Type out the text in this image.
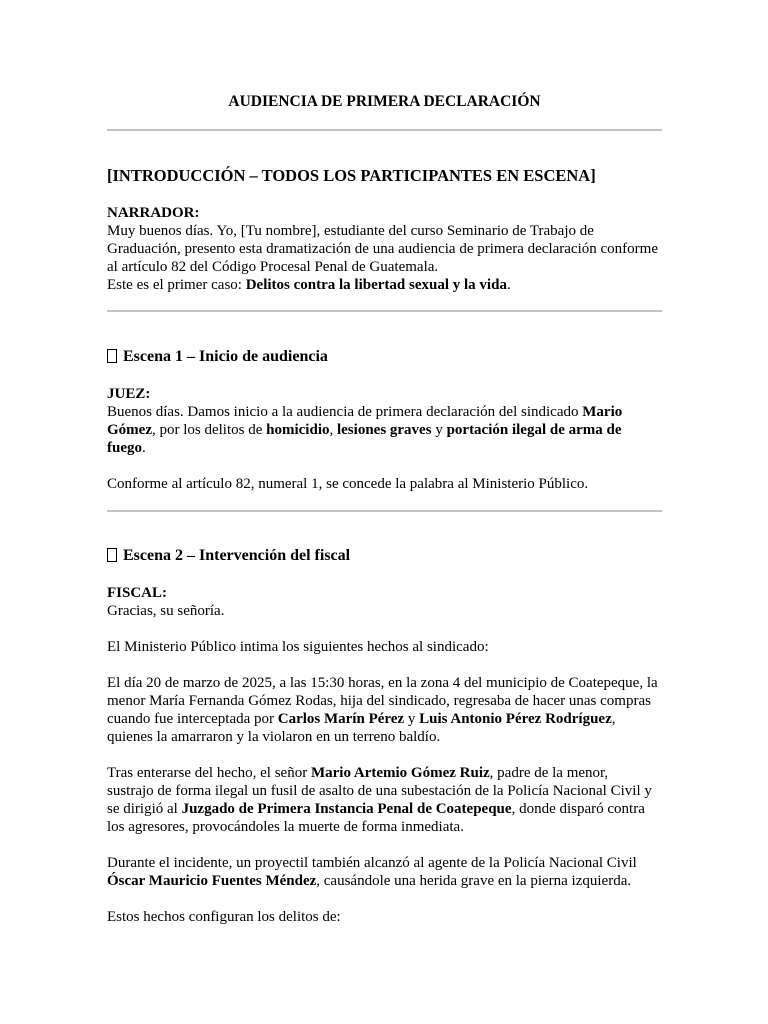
AUDIENCIA DE PRIMERA DECLARACIÓN
[INTRODUCCIÓN – TODOS LOS PARTICIPANTES EN ESCENA]
NARRADOR:

Muy buenos días. Yo, [Tu nombre], estudiante del curso Seminario de Trabajo de
Graduación, presento esta dramatización de una audiencia de primera declaración conforme
al artículo 82 del Código Procesal Penal de Guatemala.
Este es el primer caso: Delitos contra la libertad sexual y la vida.

Escena 1 – Inicio de audiencia
JUEZ:

Buenos días. Damos inicio a la audiencia de primera declaración del sindicado Mario
Gómez, por los delitos de homicidio, lesiones graves y portación ilegal de arma de
fuego.

Conforme al artículo 82, numeral 1, se concede la palabra al Ministerio Público.

Escena 2 – Intervención del fiscal
FISCAL:

Gracias, su señoría.

El Ministerio Público intima los siguientes hechos al sindicado:

El día 20 de marzo de 2025, a las 15:30 horas, en la zona 4 del municipio de Coatepeque, la
menor María Fernanda Gómez Rodas, hija del sindicado, regresaba de hacer unas compras
cuando fue interceptada por Carlos Marín Pérez y Luis Antonio Pérez Rodríguez,
quienes la amarraron y la violaron en un terreno baldío.

Tras enterarse del hecho, el señor Mario Artemio Gómez Ruiz, padre de la menor,
sustrajo de forma ilegal un fusil de asalto de una subestación de la Policía Nacional Civil y
se dirigió al Juzgado de Primera Instancia Penal de Coatepeque, donde disparó contra
los agresores, provocándoles la muerte de forma inmediata.

Durante el incidente, un proyectil también alcanzó al agente de la Policía Nacional Civil
Óscar Mauricio Fuentes Méndez, causándole una herida grave en la pierna izquierda.

Estos hechos configuran los delitos de:
